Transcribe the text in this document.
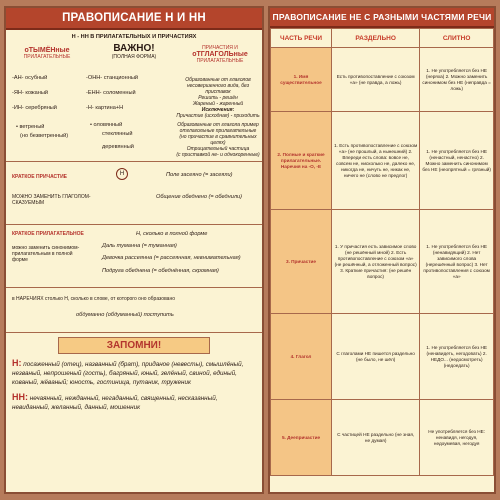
ПРАВОПИСАНИЕ Н И НН
Н - НН В ПРИЛАГАТЕЛЬНЫХ И ПРИЧАСТИЯХ
оТЫМЁНные
ПРИЛАГАТЕЛЬНЫЕ
ВАЖНО!
(ПОЛНАЯ ФОРМА)
ПРИЧАСТИЯ И
оТГЛАГОЛЬные
ПРИЛАГАТЕЛЬНЫЕ
-АН- осубный
-ЯН- кожаный
-ИН- серебряный
• ветреный
(но безветренный)
-ОНН- станционный
-ЕНН- соломенный
-Н- картина+Н
• оловянный
стеклянный
деревянный
Образованные от глаголов
несовершенного вида, без приставок
Решить - решён
Жареный - жаренный
Исключения:
Причастие (исходная) - приходить
Образованные от глагола пример
отглагольные прилагательные
(но причастие в сравнительных целях)
Отрицательный частица
(с приставкой не- и однокоренные)
КРАТКОЕ ПРИЧАСТИЕ	Н	Поле засеяно (= засеяли)
МОЖНО ЗАМЕНИТЬ ГЛАГОЛОМ-СКАЗУЕМЫМ
Общение обеднено (= обеднили)
КРАТКОЕ ПРИЛАГАТЕЛЬНОЕ	Н, сколько в полной форме
можно заменить синонимом-прилагательным в полной форме
Даль туманна (= туманная)
Девочка рассеянна (= рассеянная, невнимательная)
Подруга обеднена (= обеднённая, скромная)
в НАРЕЧИЯХ столько Н, сколько в слове, от которого оно образовано
обдуманно (обдуманный) поступить
ЗАПОМНИ!
Н: посаженный (отец), названный (брат), приданое (невесты), смышлёный, незваный, непрошеный (гость), багряный, юный, зелёный, свиной, единый, кованый, жёваный; юность, гостиница, путаник, труженик
НН: нечаянный, нежданный, негаданный, священный, несказанный, невиданный, желанный, данный, мошенник
ПРАВОПИСАНИЕ НЕ С РАЗНЫМИ ЧАСТЯМИ РЕЧИ
ЧАСТЬ РЕЧИ	РАЗДЕЛЬНО	СЛИТНО
1. Имя существительное	Есть противопоставление с союзом «а» (не правда, а ложь)	1. Не употребляется без НЕ (неряха) 2. Можно заменить синонимом без НЕ (неправда = ложь)
2. Полные и краткие прилагательные. Наречия на -О, -Е	1. Есть противопоставление с союзом «а» (не прошлый, а нынешний) 2. Впереди есть слова: вовсе не, совсем не, нисколько не, далеко не, никогда не, ничуть не, никак не, ничего не (слово не предлог)	1. Не употребляется без НЕ (ненастный, ненастно) 2. Можно заменить синонимом без НЕ (неопрятный = грязный)
3. Причастие	1. У причастия есть зависимое слово (не решённый мной) 2. Есть противопоставление с союзом «а» (не решённый, а отложенный вопрос) 3. Краткие причастия: (не решён вопрос)	1. Не употребляется без НЕ (ненавидящий) 2. Нет зависимого слова (нерешённый вопрос) 3. Нет противопоставления с союзом «а»
4. Глагол	С глаголами НЕ пишется раздельно (не было, не шёл)	1. Не употребляется без НЕ (ненавидеть, негодовать) 2. НЕДО... (недосмотреть) (недоедать)
5. Деепричастие	С частицей НЕ раздельно (не зная, не думая)	Не употребляется без НЕ: ненавидя, негодуя, недоумевая, негодуя
